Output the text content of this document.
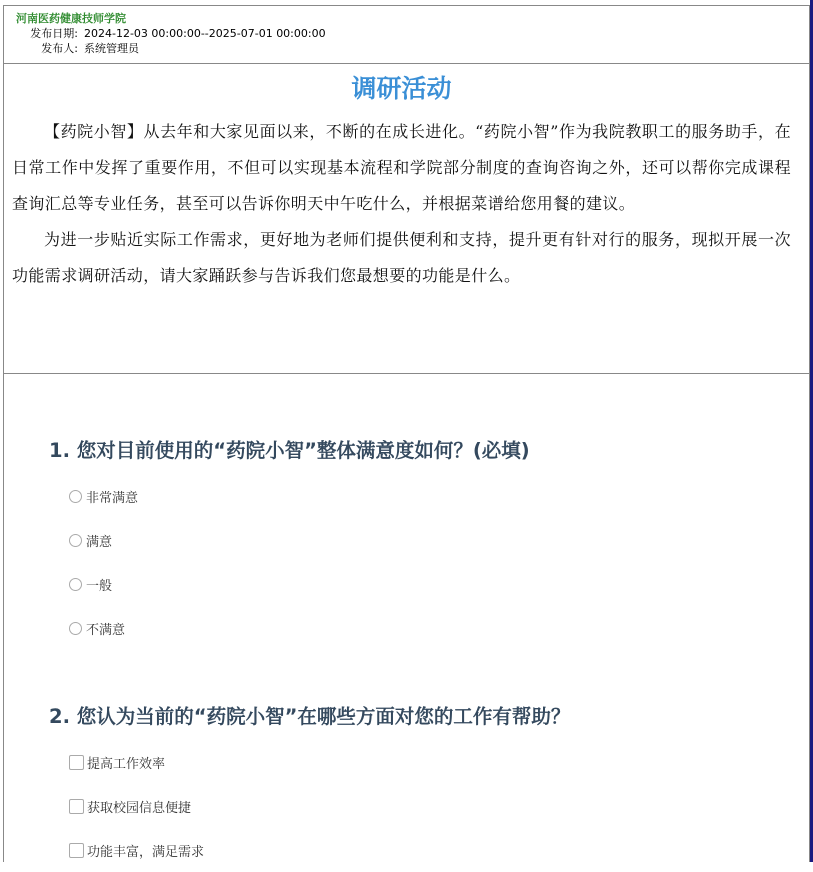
河南医药健康技师学院
发布日期: 2024-12-03 00:00:00--2025-07-01 00:00:00
发布人: 系统管理员
调研活动

【药院小智】从去年和大家见面以来，不断的在成长进化。“药院小智”作为我院教职工的服务助手，在日常工作中发挥了重要作用，不但可以实现基本流程和学院部分制度的查询咨询之外，还可以帮你完成课程查询汇总等专业任务，甚至可以告诉你明天中午吃什么，并根据菜谱给您用餐的建议。

为进一步贴近实际工作需求，更好地为老师们提供便利和支持，提升更有针对行的服务，现拟开展一次功能需求调研活动，请大家踊跃参与告诉我们您最想要的功能是什么。

1. 您对目前使用的“药院小智”整体满意度如何？(必填)
非常满意
满意
一般
不满意
2. 您认为当前的“药院小智”在哪些方面对您的工作有帮助？
提高工作效率
获取校园信息便捷
功能丰富，满足需求
